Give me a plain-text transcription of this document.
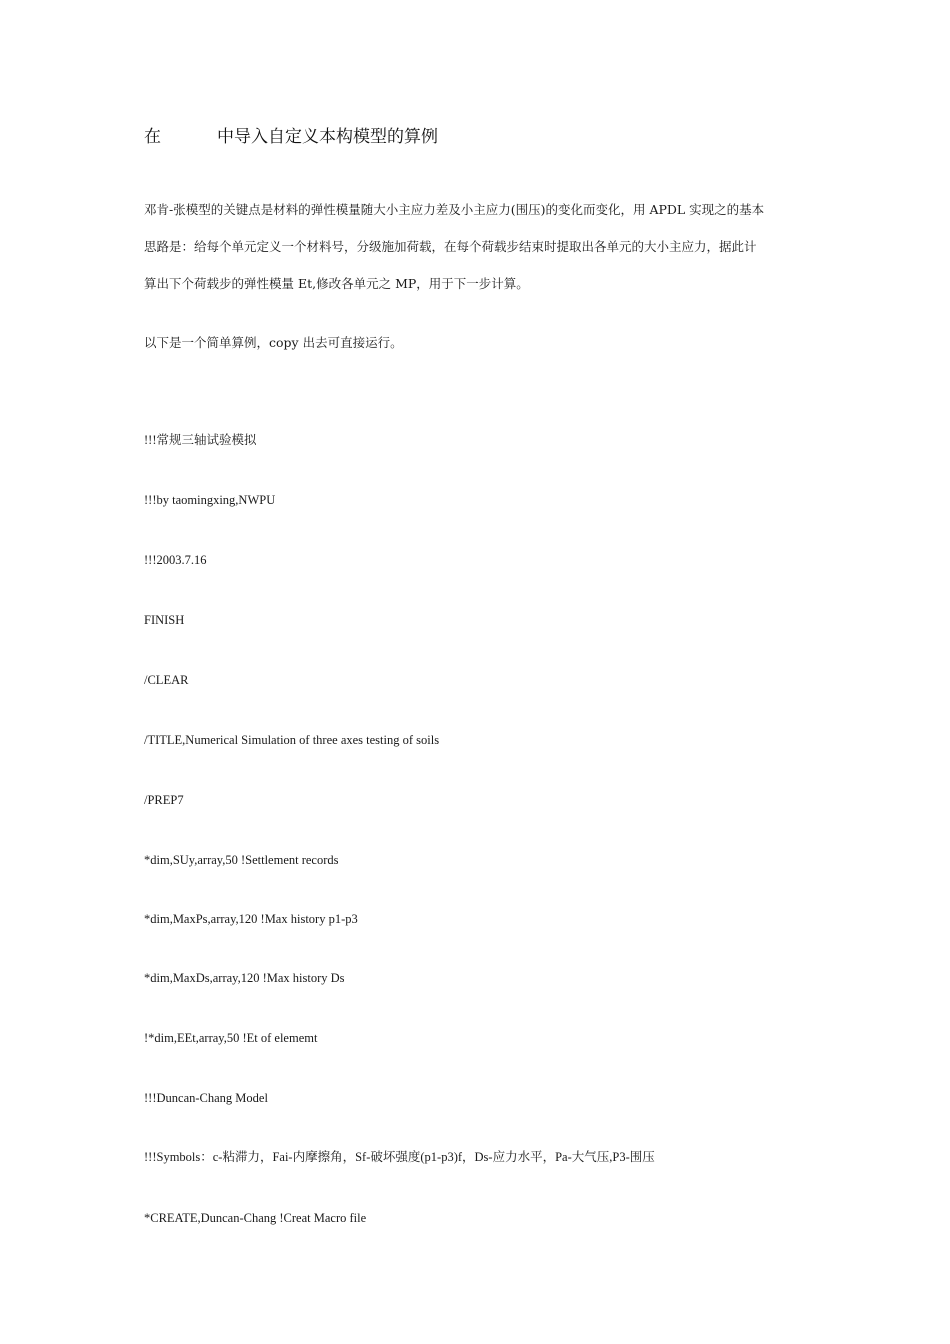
在	中导入自定义本构模型的算例

邓肯-张模型的关键点是材料的弹性模量随大小主应力差及小主应力(围压)的变化而变化，用 APDL 实现之的基本

思路是：给每个单元定义一个材料号，分级施加荷载，在每个荷载步结束时提取出各单元的大小主应力，据此计

算出下个荷载步的弹性模量 Et,修改各单元之 MP，用于下一步计算。

以下是一个简单算例，copy 出去可直接运行。

!!!常规三轴试验模拟
!!!by taomingxing,NWPU
!!!2003.7.16
FINISH
/CLEAR
/TITLE,Numerical Simulation of three axes testing of soils
/PREP7
*dim,SUy,array,50 !Settlement records
*dim,MaxPs,array,120 !Max history p1-p3
*dim,MaxDs,array,120 !Max history Ds
!*dim,EEt,array,50 !Et of elememt
!!!Duncan-Chang Model
!!!Symbols：c-粘滞力，Fai-内摩擦角，Sf-破坏强度(p1-p3)f，Ds-应力水平，Pa-大气压,P3-围压
*CREATE,Duncan-Chang !Creat Macro file
